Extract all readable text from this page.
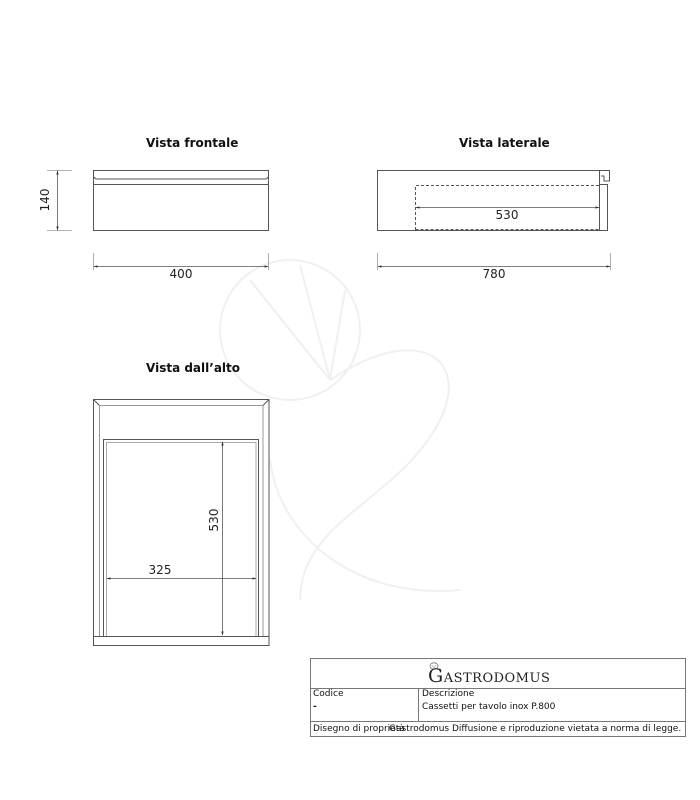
Vista frontale	Vista laterale
Vista dall’alto
140
400
530
780
530
325
GASTRODOMUS
Codice
-
Descrizione
Cassetti per tavolo inox P.800
Disegno di proprietà
Gastrodomus Diffusione e riproduzione vietata a norma di legge.
